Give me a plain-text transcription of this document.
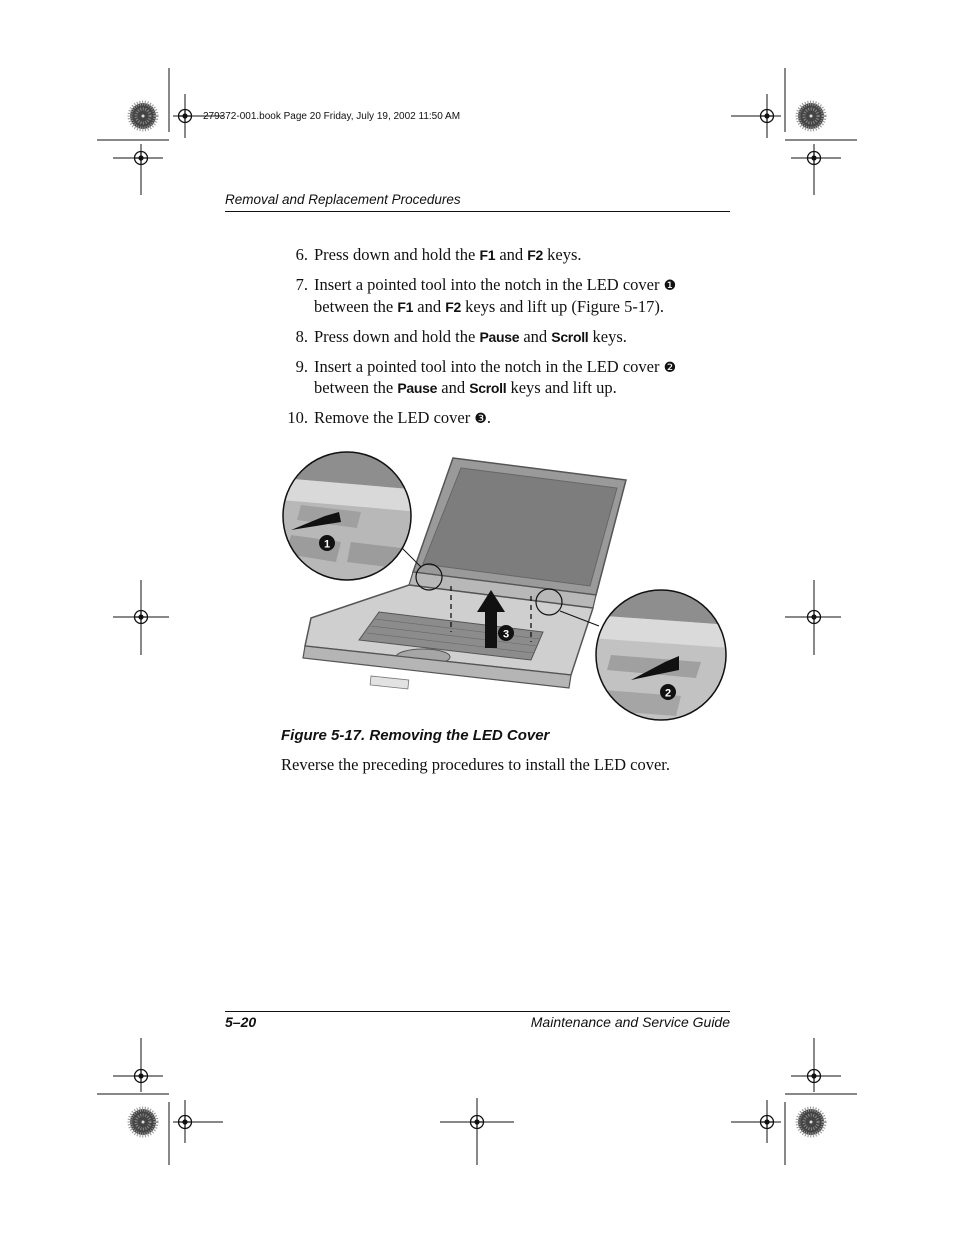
279372-001.book Page 20 Friday, July 19, 2002 11:50 AM
Removal and Replacement Procedures
6. Press down and hold the F1 and F2 keys.
7. Insert a pointed tool into the notch in the LED cover ❶ between the F1 and F2 keys and lift up (Figure 5-17).
8. Press down and hold the Pause and Scroll keys.
9. Insert a pointed tool into the notch in the LED cover ❷ between the Pause and Scroll keys and lift up.
10. Remove the LED cover ❸.
3
1
2
Figure 5-17. Removing the LED Cover
Reverse the preceding procedures to install the LED cover.
5–20	Maintenance and Service Guide
